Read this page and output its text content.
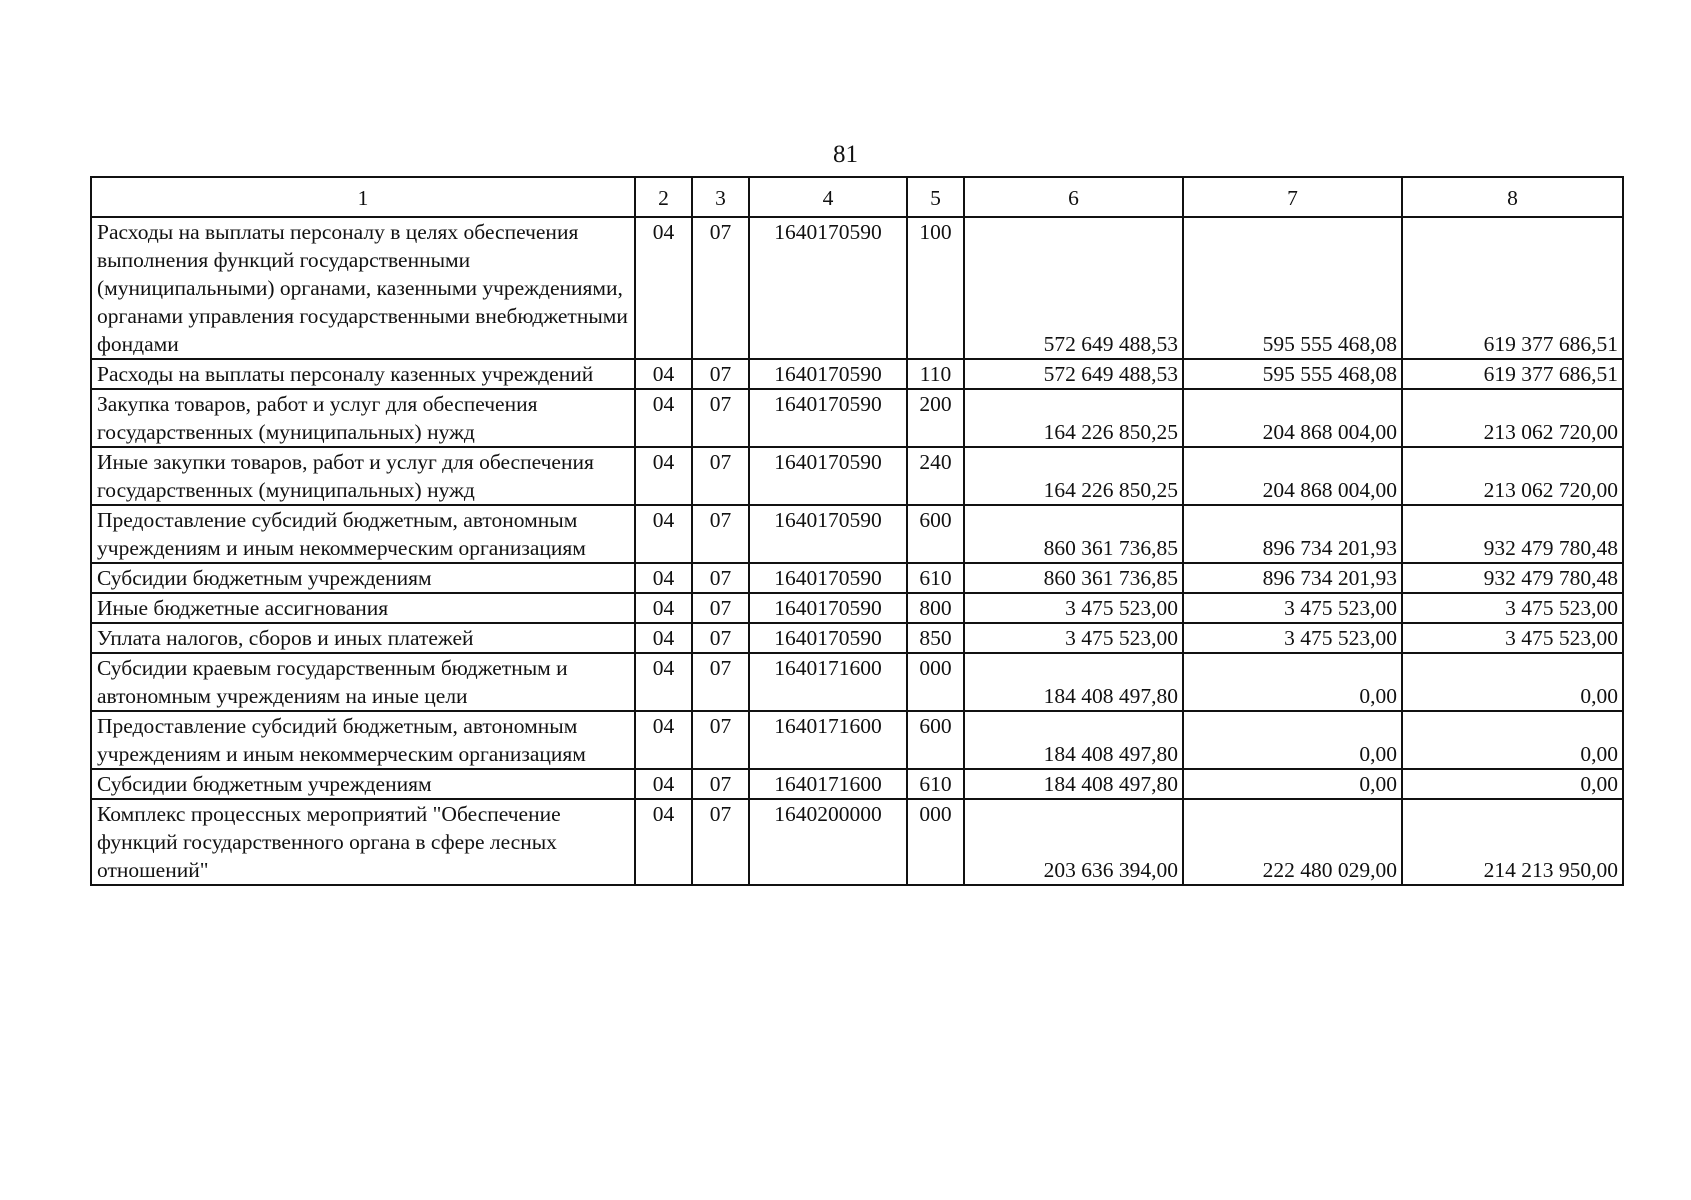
81
1	2	3	4	5	6	7	8
Расходы на выплаты персоналу в целях обеспечения выполнения функций государственными (муниципальными) органами, казенными учреждениями, органами управления государственными внебюджетными фондами	04	07	1640170590	100	572 649 488,53	595 555 468,08	619 377 686,51
Расходы на выплаты персоналу казенных учреждений	04	07	1640170590	110	572 649 488,53	595 555 468,08	619 377 686,51
Закупка товаров, работ и услуг для обеспечения государственных (муниципальных) нужд	04	07	1640170590	200	164 226 850,25	204 868 004,00	213 062 720,00
Иные закупки товаров, работ и услуг для обеспечения государственных (муниципальных) нужд	04	07	1640170590	240	164 226 850,25	204 868 004,00	213 062 720,00
Предоставление субсидий бюджетным, автономным учреждениям и иным некоммерческим организациям	04	07	1640170590	600	860 361 736,85	896 734 201,93	932 479 780,48
Субсидии бюджетным учреждениям	04	07	1640170590	610	860 361 736,85	896 734 201,93	932 479 780,48
Иные бюджетные ассигнования	04	07	1640170590	800	3 475 523,00	3 475 523,00	3 475 523,00
Уплата налогов, сборов и иных платежей	04	07	1640170590	850	3 475 523,00	3 475 523,00	3 475 523,00
Субсидии краевым государственным бюджетным и автономным учреждениям на иные цели	04	07	1640171600	000	184 408 497,80	0,00	0,00
Предоставление субсидий бюджетным, автономным учреждениям и иным некоммерческим организациям	04	07	1640171600	600	184 408 497,80	0,00	0,00
Субсидии бюджетным учреждениям	04	07	1640171600	610	184 408 497,80	0,00	0,00
Комплекс процессных мероприятий "Обеспечение функций государственного органа в сфере лесных отношений"	04	07	1640200000	000	203 636 394,00	222 480 029,00	214 213 950,00
